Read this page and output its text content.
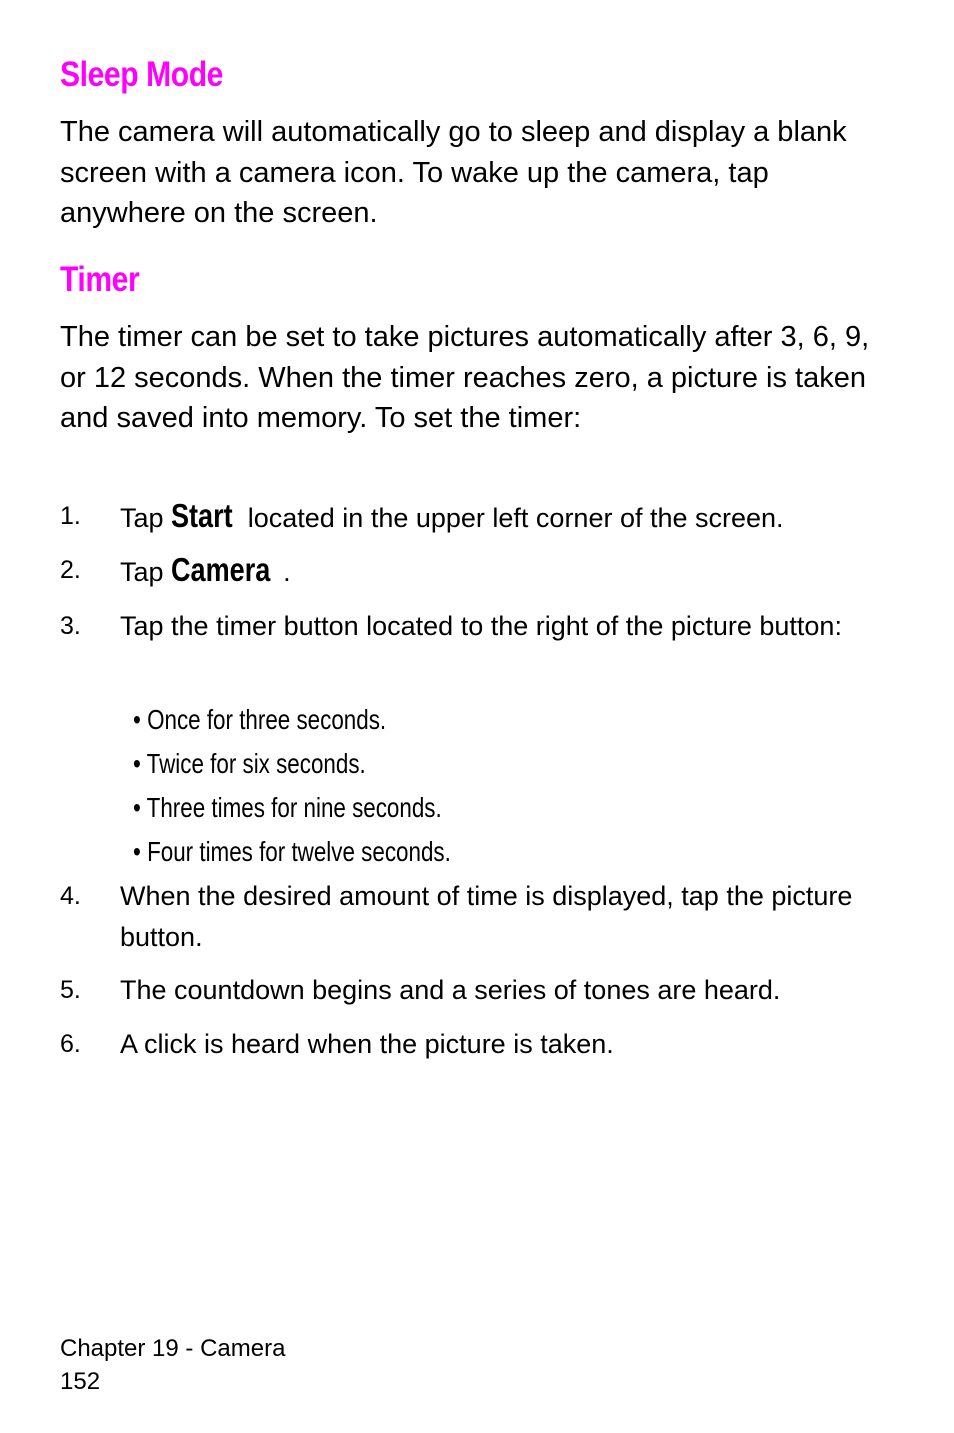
Sleep Mode

The camera will automatically go to sleep and display a blank screen with a camera icon. To wake up the camera, tap anywhere on the screen.

Timer

The timer can be set to take pictures automatically after 3, 6, 9, or 12 seconds. When the timer reaches zero, a picture is taken and saved into memory. To set the timer:

1. Tap Start located in the upper left corner of the screen.
2. Tap Camera .
3. Tap the timer button located to the right of the picture button:
• Once for three seconds.
• Twice for six seconds.
• Three times for nine seconds.
• Four times for twelve seconds.
4. When the desired amount of time is displayed, tap the picture button.
5. The countdown begins and a series of tones are heard.
6. A click is heard when the picture is taken.
Chapter 19 - Camera
152
